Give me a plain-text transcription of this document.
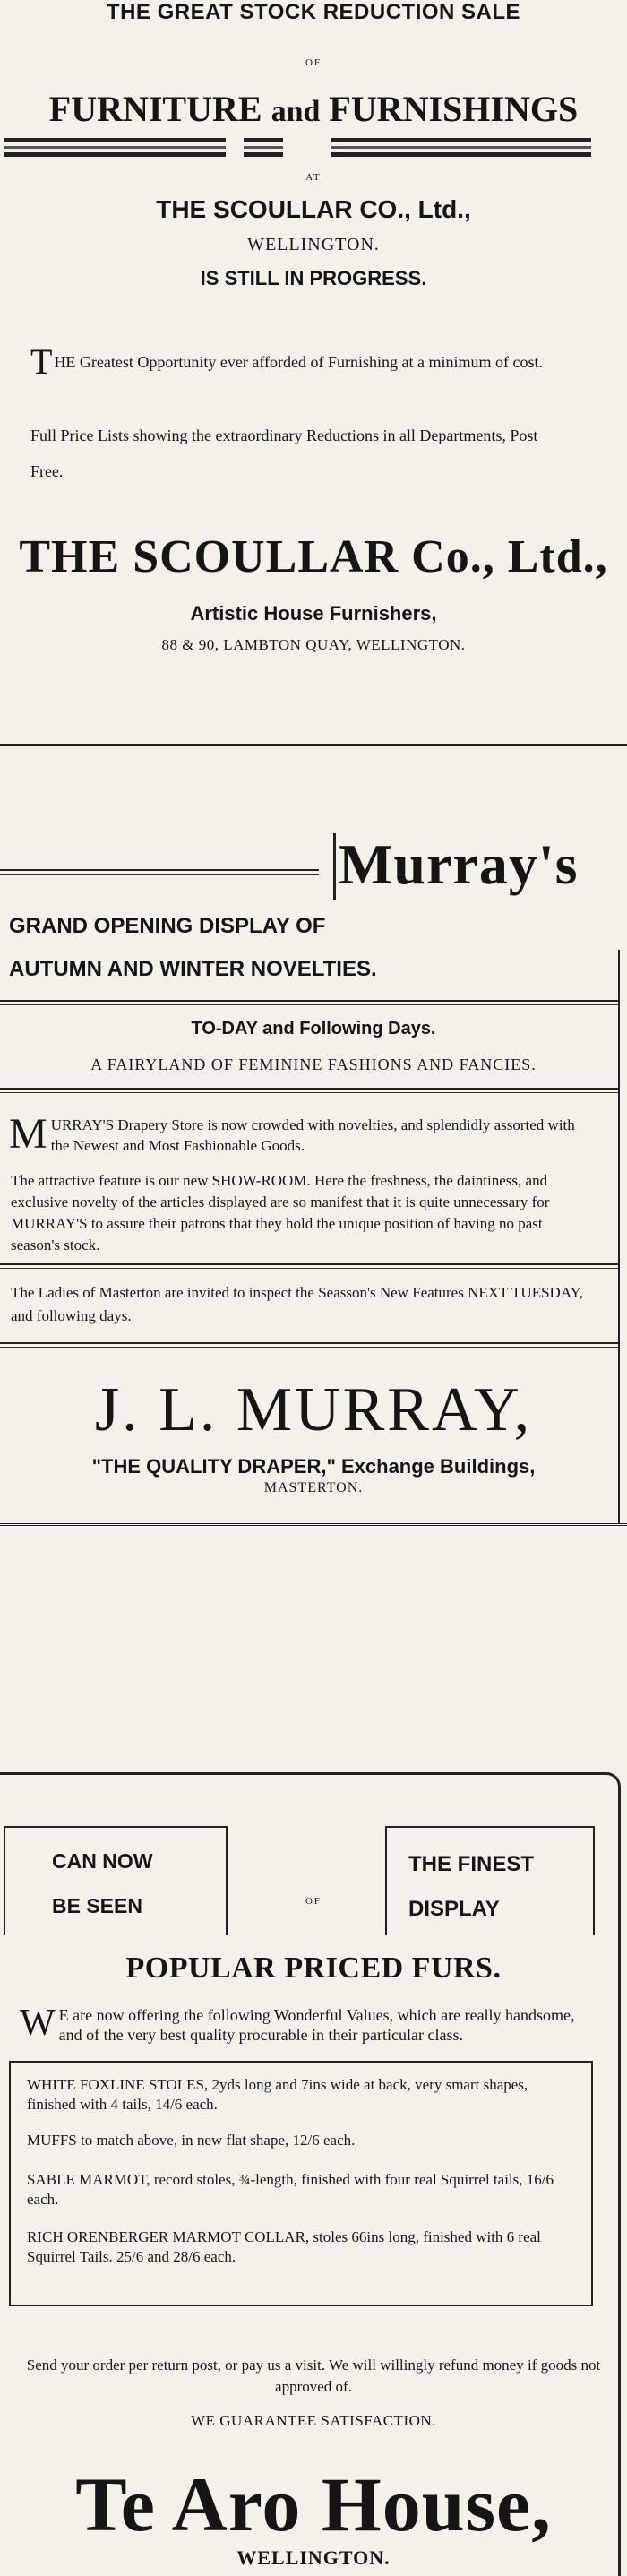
THE GREAT STOCK REDUCTION SALE
OF
FURNITURE and FURNISHINGS
AT
THE SCOULLAR CO., Ltd.,
WELLINGTON.
IS STILL IN PROGRESS.
THE Greatest Opportunity ever afforded of Furnishing at a minimum of cost.
Full Price Lists showing the extraordinary Reductions in all Departments, Post Free.
THE SCOULLAR Co., Ltd.,
Artistic House Furnishers,
88 & 90, LAMBTON QUAY, WELLINGTON.
Murray's
GRAND OPENING DISPLAY OF
AUTUMN AND WINTER NOVELTIES.
TO-DAY and Following Days.
A FAIRYLAND OF FEMININE FASHIONS AND FANCIES.
MURRAY'S Drapery Store is now crowded with novelties, and splendidly assorted with the Newest and Most Fashionable Goods.
The attractive feature is our new SHOW-ROOM. Here the freshness, the daintiness, and exclusive novelty of the articles displayed are so manifest that it is quite unnecessary for MURRAY'S to assure their patrons that they hold the unique position of having no past season's stock.
The Ladies of Masterton are invited to inspect the Seasson's New Features NEXT TUESDAY, and following days.
J. L. MURRAY,
"THE QUALITY DRAPER," Exchange Buildings,
MASTERTON.
CAN NOW
BE SEEN
THE FINEST
DISPLAY
OF
POPULAR PRICED FURS.
W E are now offering the following Wonderful Values, which are really handsome, and of the very best quality procurable in their particular class.
WHITE FOXLINE STOLES, 2yds long and 7ins wide at back, very smart shapes, finished with 4 tails, 14/6 each.
MUFFS to match above, in new flat shape, 12/6 each.
SABLE MARMOT, record stoles, ¾-length, finished with four real Squirrel tails, 16/6 each.
RICH ORENBERGER MARMOT COLLAR, stoles 66ins long, finished with 6 real Squirrel Tails. 25/6 and 28/6 each.
Send your order per return post, or pay us a visit. We will willingly refund money if goods not approved of.
WE GUARANTEE SATISFACTION.
Te Aro House,
WELLINGTON.
